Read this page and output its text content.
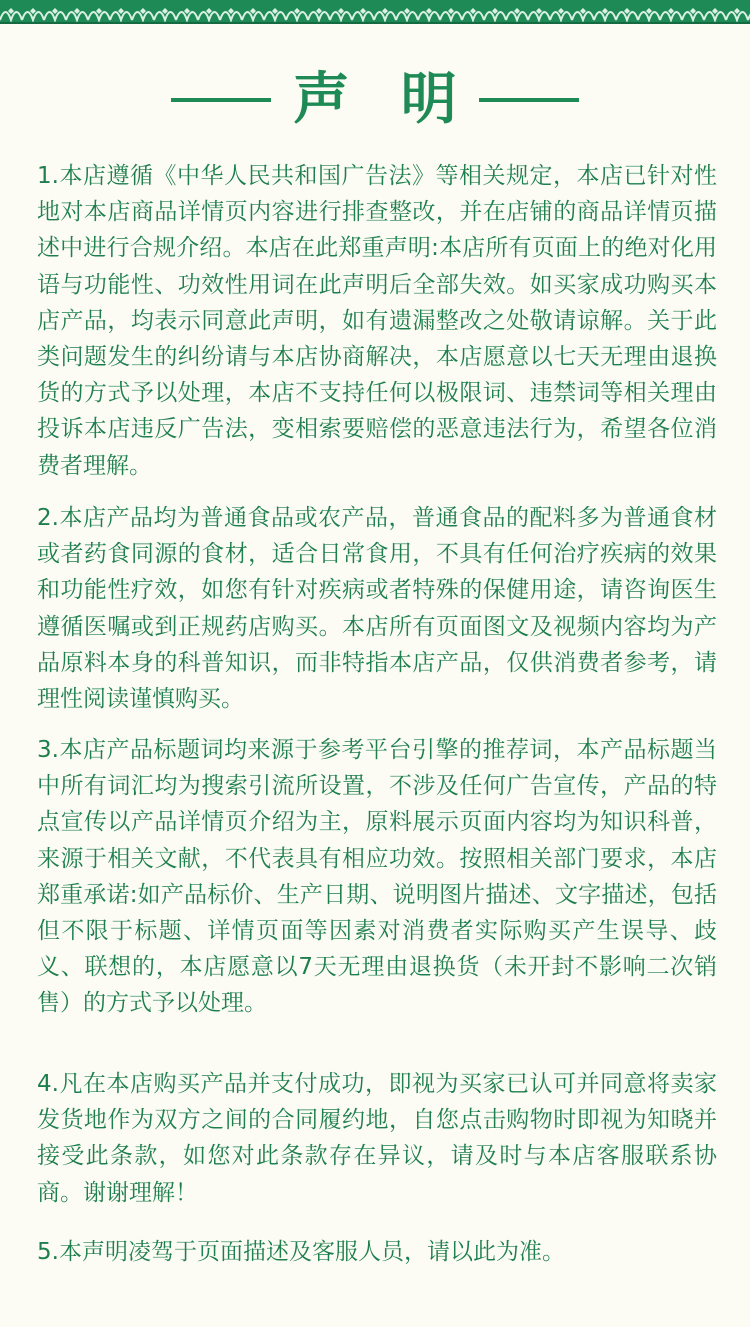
声 明

1.本店遵循《中华人民共和国广告法》等相关规定，本店已针对性地对本店商品详情页内容进行排查整改，并在店铺的商品详情页描述中进行合规介绍。本店在此郑重声明:本店所有页面上的绝对化用语与功能性、功效性用词在此声明后全部失效。如买家成功购买本店产品，均表示同意此声明，如有遗漏整改之处敬请谅解。关于此类问题发生的纠纷请与本店协商解决，本店愿意以七天无理由退换货的方式予以处理，本店不支持任何以极限词、违禁词等相关理由投诉本店违反广告法，变相索要赔偿的恶意违法行为，希望各位消费者理解。

2.本店产品均为普通食品或农产品，普通食品的配料多为普通食材或者药食同源的食材，适合日常食用，不具有任何治疗疾病的效果和功能性疗效，如您有针对疾病或者特殊的保健用途，请咨询医生遵循医嘱或到正规药店购买。本店所有页面图文及视频内容均为产品原料本身的科普知识，而非特指本店产品，仅供消费者参考，请理性阅读谨慎购买。

3.本店产品标题词均来源于参考平台引擎的推荐词，本产品标题当中所有词汇均为搜索引流所设置，不涉及任何广告宣传，产品的特点宣传以产品详情页介绍为主，原料展示页面内容均为知识科普，来源于相关文献，不代表具有相应功效。按照相关部门要求，本店郑重承诺:如产品标价、生产日期、说明图片描述、文字描述，包括但不限于标题、详情页面等因素对消费者实际购买产生误导、歧义、联想的，本店愿意以7天无理由退换货（未开封不影响二次销售）的方式予以处理。

4.凡在本店购买产品并支付成功，即视为买家已认可并同意将卖家发货地作为双方之间的合同履约地，自您点击购物时即视为知晓并接受此条款，如您对此条款存在异议，请及时与本店客服联系协商。谢谢理解！

5.本声明凌驾于页面描述及客服人员，请以此为准。
